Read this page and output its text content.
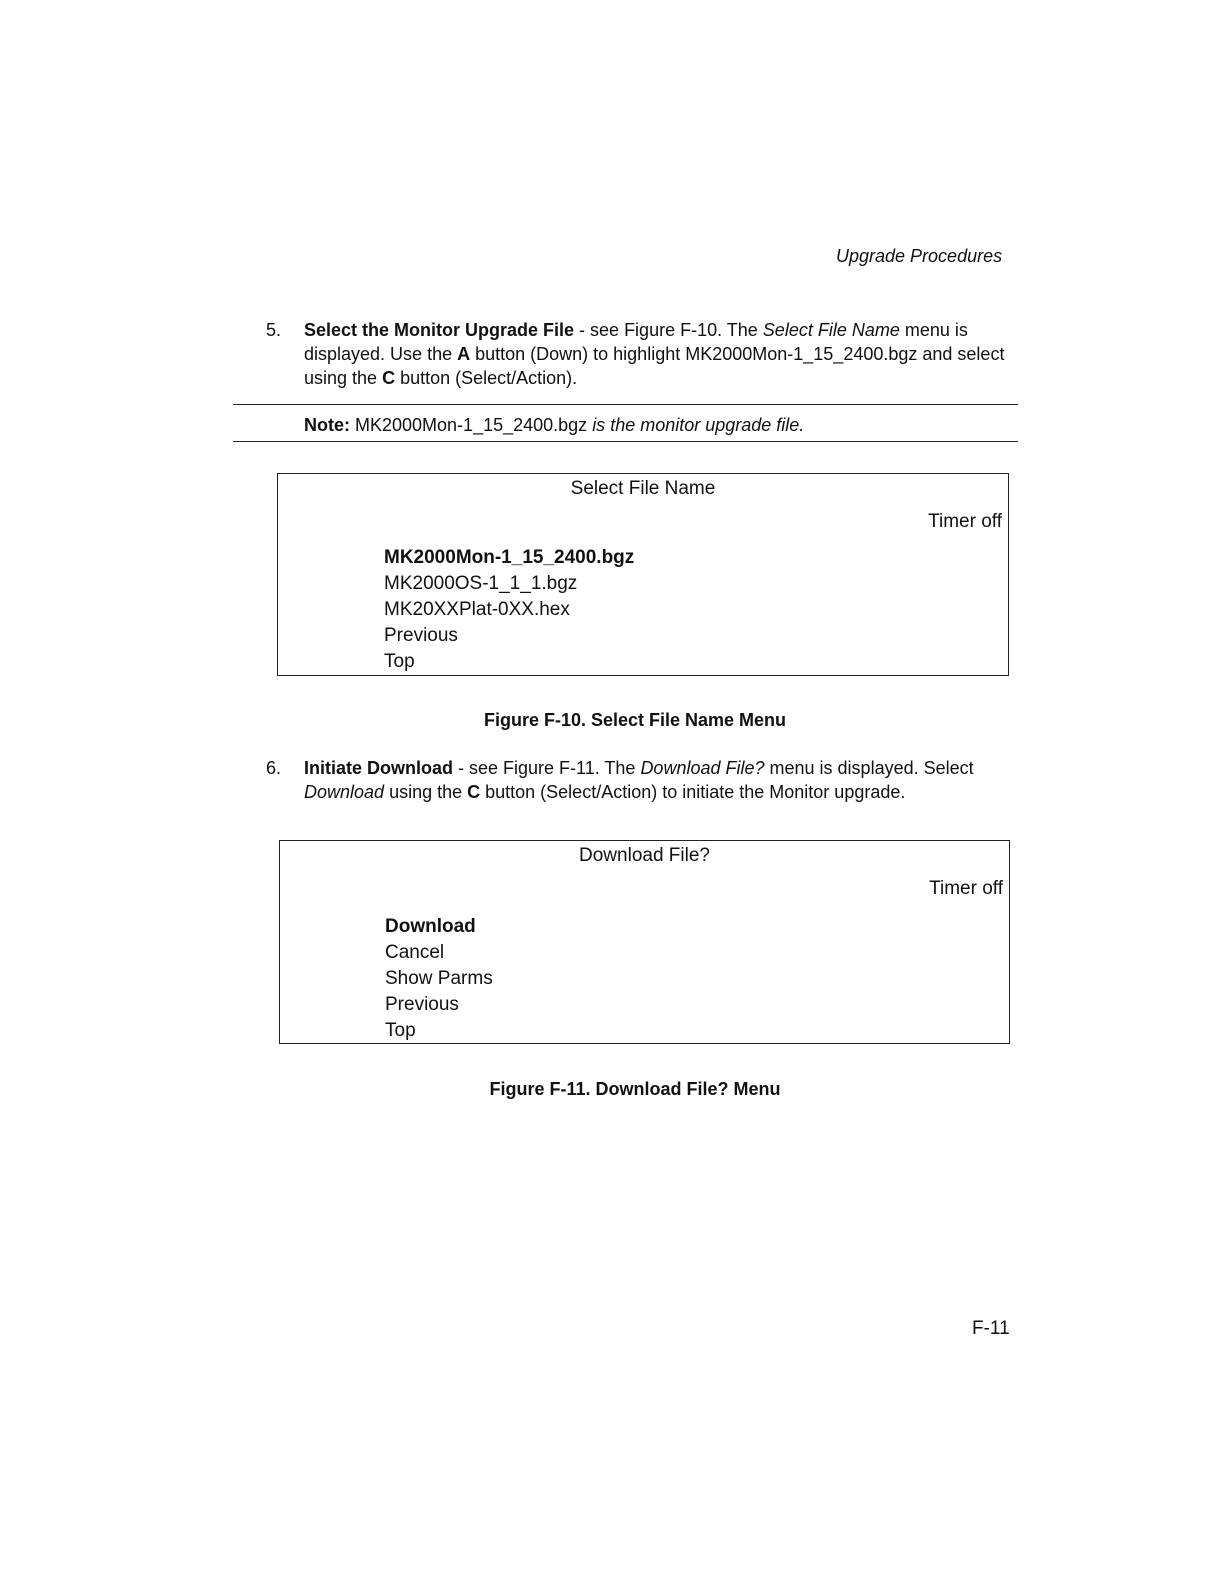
Upgrade Procedures
5. Select the Monitor Upgrade File - see Figure F-10. The Select File Name menu is displayed. Use the A button (Down) to highlight MK2000Mon-1_15_2400.bgz and select using the C button (Select/Action).
Note: MK2000Mon-1_15_2400.bgz is the monitor upgrade file.
Select File Name
Timer off
MK2000Mon-1_15_2400.bgz
MK2000OS-1_1_1.bgz
MK20XXPlat-0XX.hex
Previous
Top
Figure F-10. Select File Name Menu
6. Initiate Download - see Figure F-11. The Download File? menu is displayed. Select Download using the C button (Select/Action) to initiate the Monitor upgrade.
Download File?
Timer off
Download
Cancel
Show Parms
Previous
Top
Figure F-11. Download File? Menu
F-11
